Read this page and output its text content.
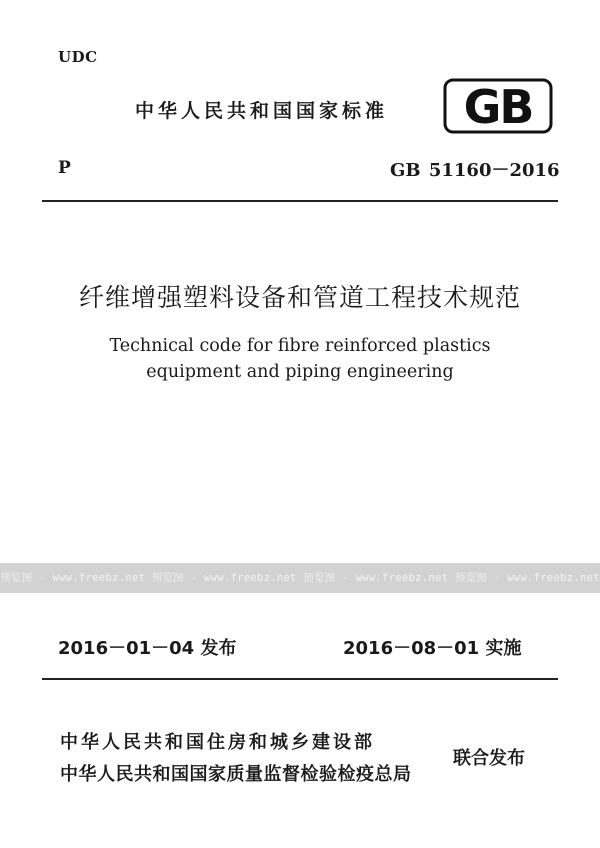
UDC
中华人民共和国国家标准 GB
P	GB 51160－2016
纤维增强塑料设备和管道工程技术规范
Technical code for fibre reinforced plastics
equipment and piping engineering
预览图 - www.freebz.net 预览图 - www.freebz.net 预览图 - www.freebz.net 预览图 - www.freebz.net
2016－01－04 发布	2016－08－01 实施
中华人民共和国住房和城乡建设部
中华人民共和国国家质量监督检验检疫总局
联合发布
